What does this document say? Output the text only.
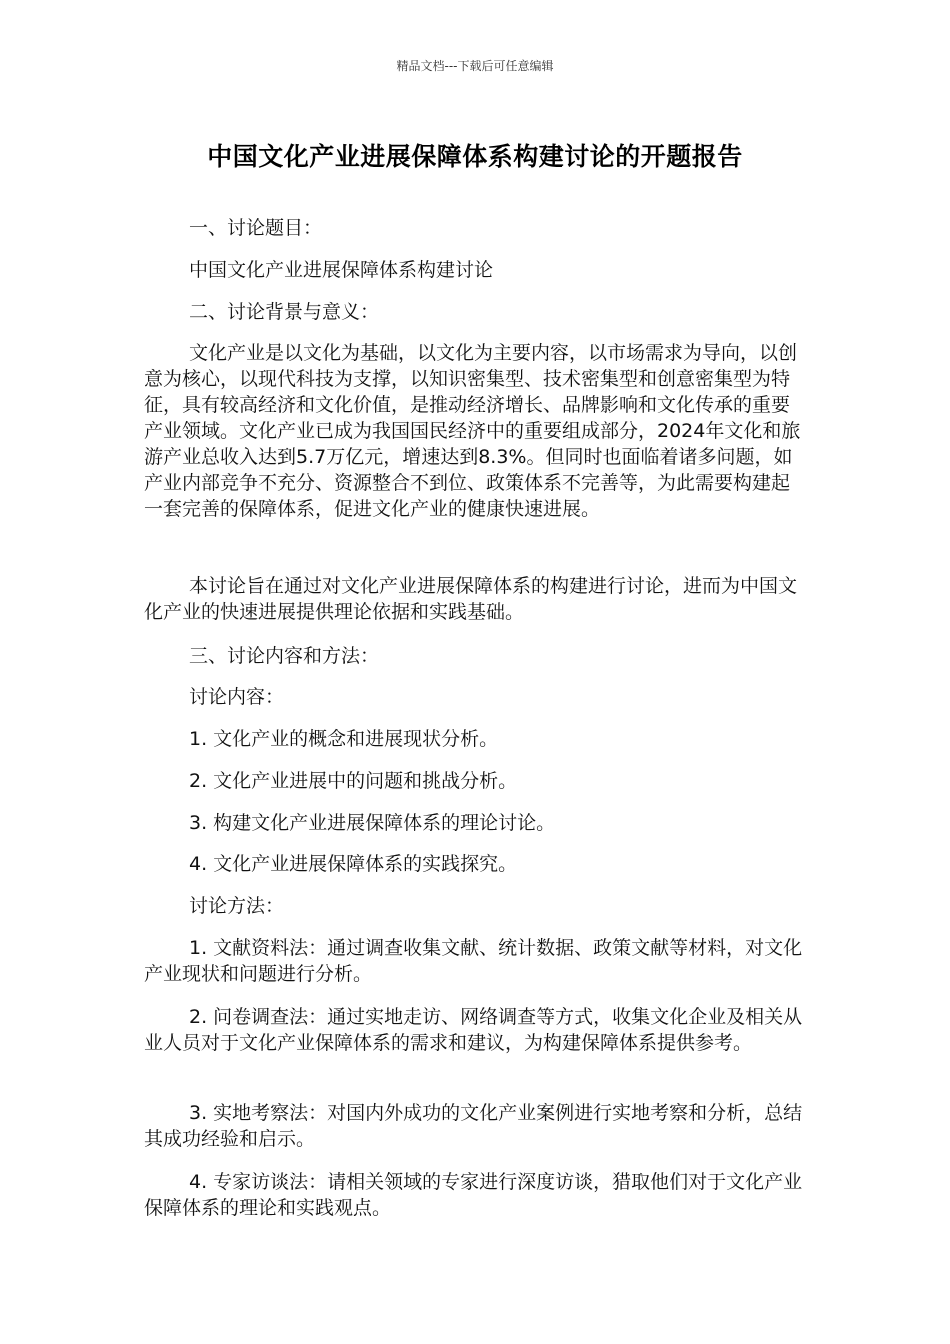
精品文档---下载后可任意编辑
中国文化产业进展保障体系构建讨论的开题报告
一、讨论题目：
中国文化产业进展保障体系构建讨论
二、讨论背景与意义：
文化产业是以文化为基础，以文化为主要内容，以市场需求为导向，以创意为核心，以现代科技为支撑，以知识密集型、技术密集型和创意密集型为特征，具有较高经济和文化价值，是推动经济增长、品牌影响和文化传承的重要产业领域。文化产业已成为我国国民经济中的重要组成部分，2024年文化和旅游产业总收入达到5.7万亿元，增速达到8.3%。但同时也面临着诸多问题，如产业内部竞争不充分、资源整合不到位、政策体系不完善等，为此需要构建起一套完善的保障体系，促进文化产业的健康快速进展。
本讨论旨在通过对文化产业进展保障体系的构建进行讨论，进而为中国文化产业的快速进展提供理论依据和实践基础。
三、讨论内容和方法：
讨论内容：
1. 文化产业的概念和进展现状分析。
2. 文化产业进展中的问题和挑战分析。
3. 构建文化产业进展保障体系的理论讨论。
4. 文化产业进展保障体系的实践探究。
讨论方法：
1. 文献资料法：通过调查收集文献、统计数据、政策文献等材料，对文化产业现状和问题进行分析。
2. 问卷调查法：通过实地走访、网络调查等方式，收集文化企业及相关从业人员对于文化产业保障体系的需求和建议，为构建保障体系提供参考。
3. 实地考察法：对国内外成功的文化产业案例进行实地考察和分析，总结其成功经验和启示。
4. 专家访谈法：请相关领域的专家进行深度访谈，猎取他们对于文化产业保障体系的理论和实践观点。
